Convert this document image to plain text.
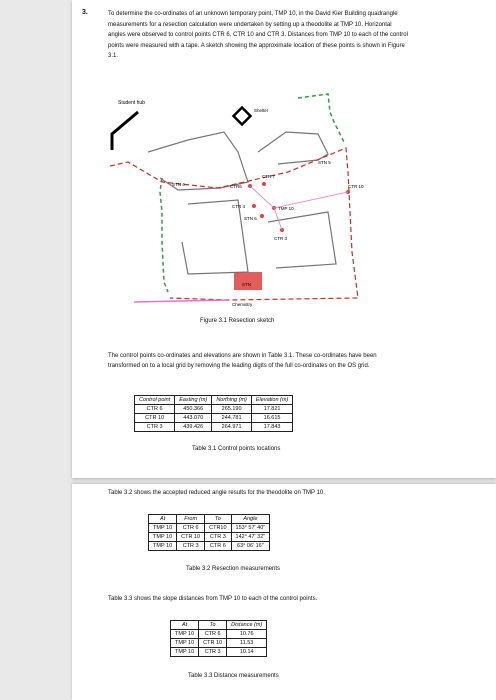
3.	To determine the co-ordinates of an unknown temporary point, TMP 10, in the David Kier Building quadrangle measurements for a resection calculation were undertaken by setting up a theodolite at TMP 10. Horizontal angles were observed to control points CTR 6, CTR 10 and CTR 3. Distances from TMP 10 to each of the control points were measured with a tape. A sketch showing the approximate location of these points is shown in Figure 3.1.
Student hub
Shelter
STN
Chemistry
STN 4
STN 5
CTR6
CTR 7
CTR 10
CTR 4
STN 6
TMP 10
CTR 3
Figure 3.1 Resection sketch
The control points co-ordinates and elevations are shown in Table 3.1. These co-ordinates have been transformed on to a local grid by removing the leading digits of the full co-ordinates on the OS grid.
Control point	Easting (m)	Northing (m)	Elevation (m)
CTR 6	450.366	265.190	17.821
CTR 10	443.070	244.781	16.615
CTR 3	439.426	264.971	17.843
Table 3.1 Control points locations
Table 3.2 shows the accepted reduced angle results for the theodolite on TMP 10.
At	From	To	Angle
TMP 10	CTR 6	CTR10	153° 57' 40"
TMP 10	CTR 10	CTR 3	142° 47' 32"
TMP 10	CTR 3	CTR 6	63° 06' 16"
Table 3.2 Resection measurements
Table 3.3 shows the slope distances from TMP 10 to each of the control points.
At	To	Distance (m)
TMP 10	CTR 6	10.76
TMP 10	CTR 10	11.53
TMP 10	CTR 3	10.14
Table 3.3 Distance measurements
